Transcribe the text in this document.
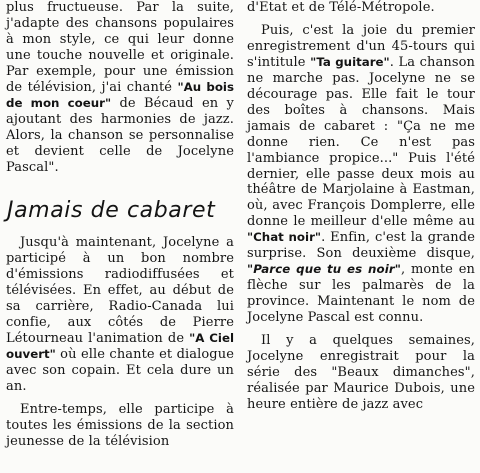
plus fructueuse. Par la suite, j'adapte des chansons populaires à mon style, ce qui leur donne une touche nouvelle et originale. Par exemple, pour une émission de télévision, j'ai chanté "Au bois de mon coeur" de Bécaud en y ajoutant des harmonies de jazz. Alors, la chanson se personnalise et devient celle de Jocelyne Pascal".

Jamais de cabaret

Jusqu'à maintenant, Jocelyne a participé à un bon nombre d'émissions radiodiffusées et télévisées. En effet, au début de sa carrière, Radio-Canada lui confie, aux côtés de Pierre Létourneau l'animation de "A Ciel ouvert" où elle chante et dialogue avec son copain. Et cela dure un an.

Entre-temps, elle participe à toutes les émissions de la section jeunesse de la télévision

d'Etat et de Télé-Métropole.

Puis, c'est la joie du premier enregistrement d'un 45-tours qui s'intitule "Ta guitare". La chanson ne marche pas. Jocelyne ne se décourage pas. Elle fait le tour des boîtes à chansons. Mais jamais de cabaret : "Ça ne me donne rien. Ce n'est pas l'ambiance propice..." Puis l'été dernier, elle passe deux mois au théâtre de Marjolaine à Eastman, où, avec François Domplerre, elle donne le meilleur d'elle même au "Chat noir". Enfin, c'est la grande surprise. Son deuxième disque, "Parce que tu es noir", monte en flèche sur les palmarès de la province. Maintenant le nom de Jocelyne Pascal est connu.

Il y a quelques semaines, Jocelyne enregistrait pour la série des "Beaux dimanches", réalisée par Maurice Dubois, une heure entière de jazz avec
